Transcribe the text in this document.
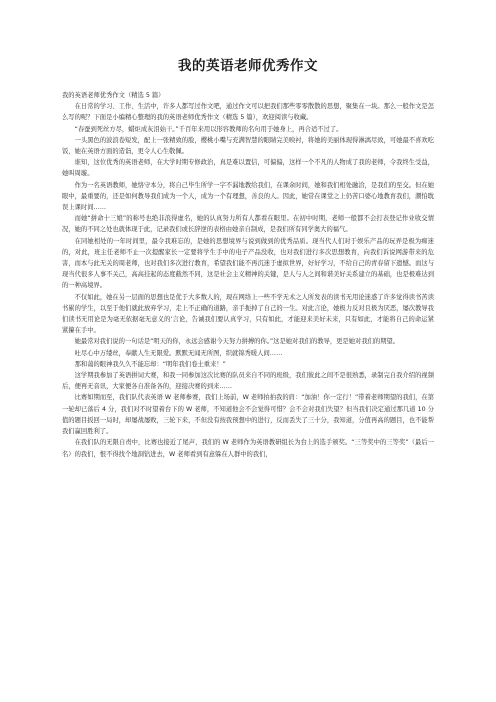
我的英语老师优秀作文

我的英语老师优秀作文（精选 5 篇）

在日常的学习、工作、生活中，许多人都写过作文吧，通过作文可以把我们那些零零散散的思想，聚集在一块。那么一般作文是怎么写的呢？下面是小编精心整理的我的英语老师优秀作文（精选 5 篇），欢迎阅读与收藏。

“春蚕到死丝方尽，蜡炬成灰泪始干。”千百年来用以形容教师的名句用于她身上，再合适不过了。

一头黑色的波浪卷短发，配上一张精致的脸，樱桃小嘴与充满智慧的眼睛完美映衬，将她的美丽体现得淋漓尽致，可她最不喜欢吃饭，她在英语方面的造诣，更令人心生敬佩。

谁知，这位优秀的英语老师，在大学时期专修政治，真是难以置信，可偏偏，这样一个不凡的人物成了我的老师，令我终生受益，她叫周璇。

作为一名英语教师，她恪守本分，将自己毕生所学一字不漏地教给我们，在课余时间，她和我们相处融洽，是我们的至交。但在她眼中，最重要的，还是如何教导我们成为一个人，成为一个有理想，善良的人。因此，她常在课堂之上仍苦口婆心地教育我们，潮怕耽误上课时间……

而她“拼命十三娘”的称号也绝非浪得虚名，她的认真努力所有人都看在眼里。在初中时期，老师一般都不会打表登记作业收交情况，她的不同之处也就体现于此，记录我们或长辞逆的表格由她亲自制成，是我们所有同学奥大的福气。

在同她相处的一年时间里，最令我难忘的，是她的思想境界与说到做到的优秀品质。现当代人们对于娱乐产品的玩弄是极为痴迷的，对此，班主任老师不止一次提醒家长一定要将学生手中的电子产品没收，也对我们进行多次思想教育，向我们诉说网游带来的危害，而本与此无关的周老师，也对我们多次进行教育，希望我们能不再沉迷于虚拟世界，好好学习，不给自己的青春留下遗憾。而这与现当代很多人事不关己，高高挂起的态度截然不同，这是社会主义精神的关键，是人与人之间和谐美好关系建立的基础，也是极难达到的一种高境界。

不仅如此，她在另一层面的思想也是优于大多数人的，现在网络上一些不学无术之人所发表的读书无用论迷惑了许多觉得读书苦读书累的学生，以至于他们就此放弃学习，走上不正确的道路，亲手扼掉了自己的一生。对此言论，她极力反对且极为厌恶，屡次教导我们读书无用论是为毫无依据毫无意义的‘言论，告诫我们要认真学习，只有如此，才能迎来美好未来，只有如此，才能将自己的命运紧紧攥在手中。

她最常对我们说的一句话是“明天的你，永远会感谢今天努力拼搏的你。”这是她对我们的教导，更是她对我们的期望。

吐尽心中万缕丝，奉献人生无限爱。默默无闻无所图，织就锦秀暖人间……

那和蔼的眼神我久久不能忘却：“明年我们卷土重来！”

这学期我参加了英语拼词大赛，和我一同参加这次比赛的队员来自不同的班级，我们彼此之间不是很熟悉，录制完自我介绍的视频后，便再无音讯，大家便各自准备各的，迎接决赛的到来……

比赛如期而至，我们队代表英语 W 老师参赛，我们上场前，W 老师拍拍我的肩：“加油！你一定行！”带着老师期望的我们，在第一轮却已落后 4 分，我们对不时望着台下的 W 老师，不知道他会不会觉得可惜？会不会对我们失望？但当我们决定通过那几道 10 分值的题目扳回一局时，却屡战屡败，三轮下来，不但没有按我预想中的进行，反而丢失了三十分，我知道，分值再高的题目，也不能帮我们赢回胜利了。

在我们队的无限自责中，比赛也接近了尾声，我们的 W 老师作为英语教研组长为台上的选手颁奖。“三等奖中的三等奖”（最后一名）的我们，恨不得找个地洞钻进去，W 老师看到有意躲在人群中的我们，
